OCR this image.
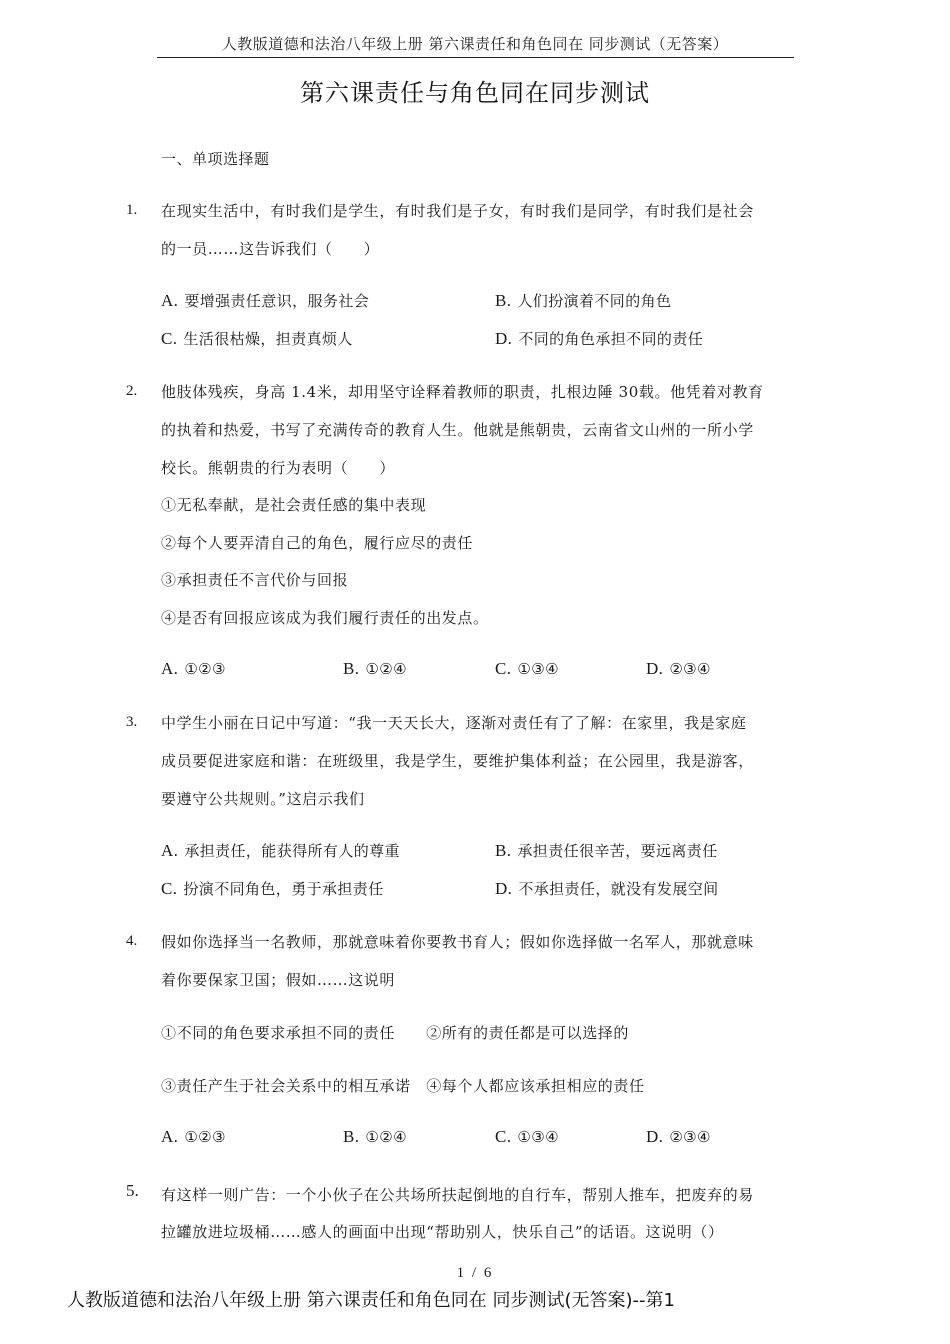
人教版道德和法治八年级上册 第六课责任和角色同在 同步测试（无答案）
第六课责任与角色同在同步测试
一、单项选择题
1. 在现实生活中，有时我们是学生，有时我们是子女，有时我们是同学，有时我们是社会
的一员……这告诉我们（　　）
A. 要增强责任意识，服务社会	B. 人们扮演着不同的角色
C. 生活很枯燥，担责真烦人	D. 不同的角色承担不同的责任
2. 他肢体残疾，身高 1.4米，却用坚守诠释着教师的职责，扎根边陲 30载。他凭着对教育
的执着和热爱，书写了充满传奇的教育人生。他就是熊朝贵，云南省文山州的一所小学
校长。熊朝贵的行为表明（　　）
①无私奉献，是社会责任感的集中表现
②每个人要弄清自己的角色，履行应尽的责任
③承担责任不言代价与回报
④是否有回报应该成为我们履行责任的出发点。
A. ①②③	B. ①②④	C. ①③④	D. ②③④
3. 中学生小丽在日记中写道：“我一天天长大，逐渐对责任有了了解：在家里，我是家庭
成员要促进家庭和谐：在班级里，我是学生，要维护集体利益；在公园里，我是游客，
要遵守公共规则。”这启示我们
A. 承担责任，能获得所有人的尊重	B. 承担责任很辛苦，要远离责任
C. 扮演不同角色，勇于承担责任	D. 不承担责任，就没有发展空间
4. 假如你选择当一名教师，那就意味着你要教书育人；假如你选择做一名军人，那就意味
着你要保家卫国；假如……这说明
①不同的角色要求承担不同的责任　　②所有的责任都是可以选择的
③责任产生于社会关系中的相互承诺　④每个人都应该承担相应的责任
A. ①②③	B. ①②④	C. ①③④	D. ②③④
5. 有这样一则广告：一个小伙子在公共场所扶起倒地的自行车，帮别人推车，把废弃的易
拉罐放进垃圾桶……感人的画面中出现“帮助别人，快乐自己”的话语。这说明（）
1 / 6
人教版道德和法治八年级上册 第六课责任和角色同在 同步测试(无答案)--第1
